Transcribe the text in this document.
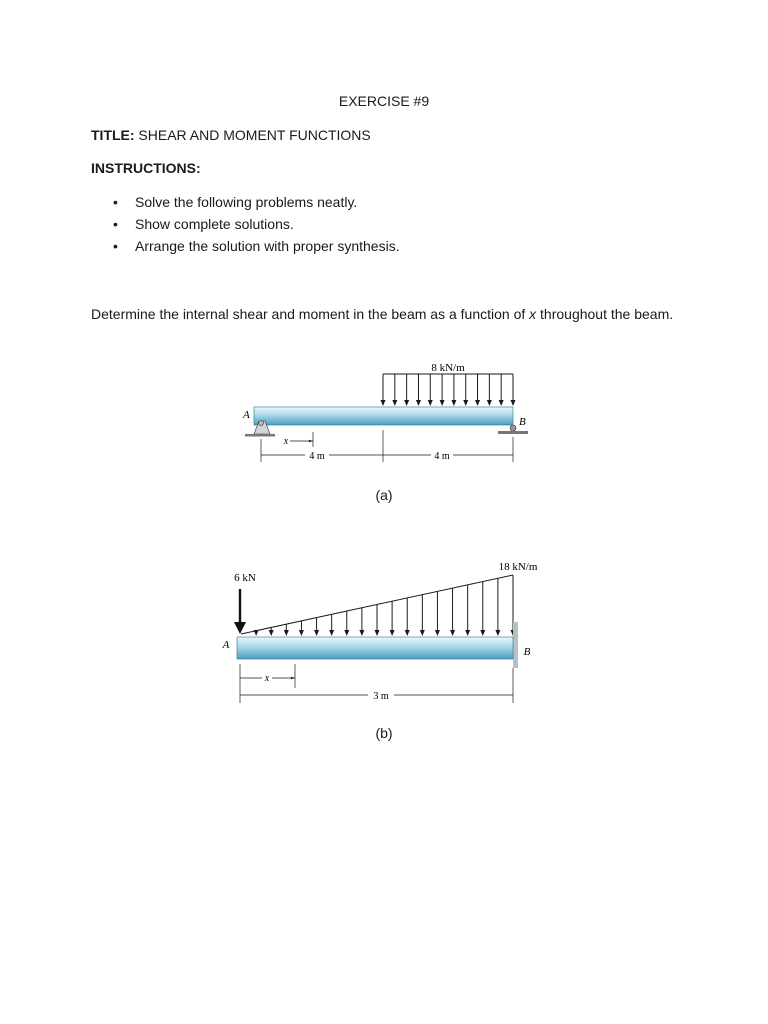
EXERCISE #9
TITLE: SHEAR AND MOMENT FUNCTIONS
INSTRUCTIONS:
• Solve the following problems neatly.
• Show complete solutions.
• Arrange the solution with proper synthesis.
Determine the internal shear and moment in the beam as a function of x throughout the beam.
8 kN/m
A
B
x
4 m	4 m
(a)
6 kN
18 kN/m
A
B
x
3 m
(b)
